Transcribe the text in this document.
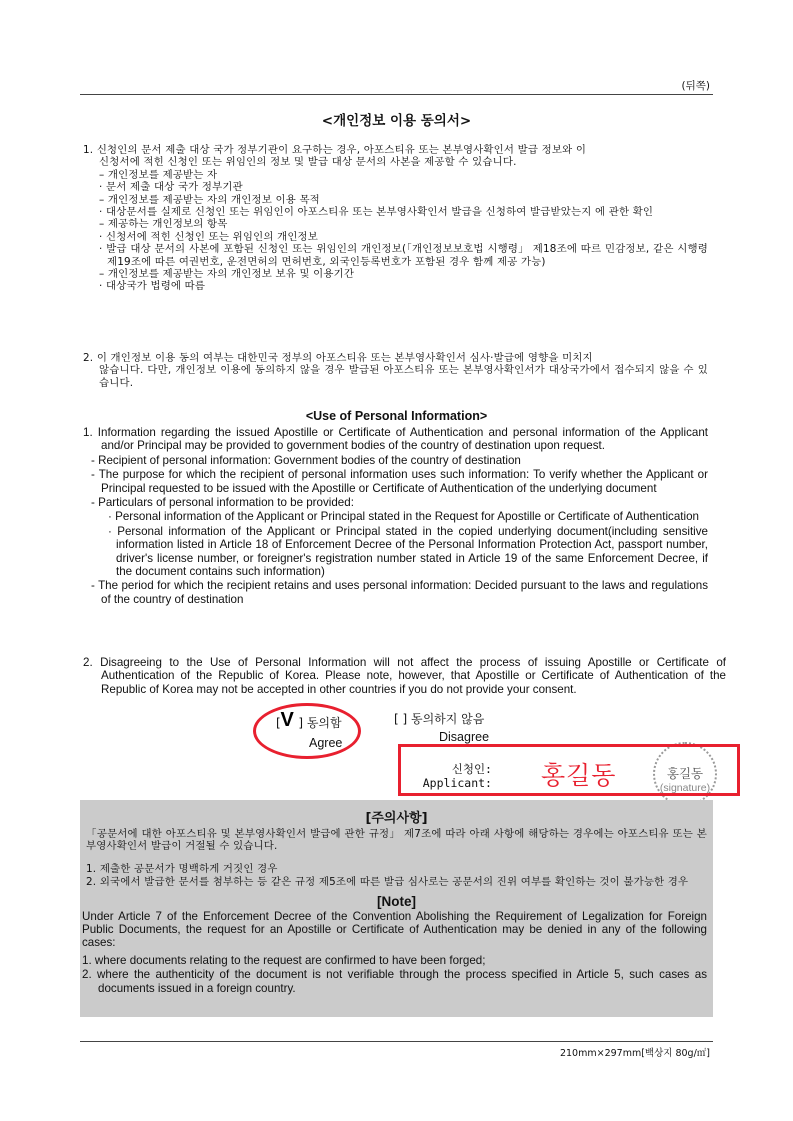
(뒤쪽)
<개인정보 이용 동의서>
1. 신청인의 문서 제출 대상 국가 정부기관이 요구하는 경우, 아포스티유 또는 본부영사확인서 발급 정보와 이
신청서에 적힌 신청인 또는 위임인의 정보 및 발급 대상 문서의 사본을 제공할 수 있습니다.
– 개인정보를 제공받는 자
· 문서 제출 대상 국가 정부기관
– 개인정보를 제공받는 자의 개인정보 이용 목적
· 대상문서를 실제로 신청인 또는 위임인이 아포스티유 또는 본부영사확인서 발급을 신청하여 발급받았는지 에 관한 확인
– 제공하는 개인정보의 항목
· 신청서에 적힌 신청인 또는 위임인의 개인정보
· 발급 대상 문서의 사본에 포함된 신청인 또는 위임인의 개인정보(「개인정보보호법 시행령」 제18조에 따르 민감정보, 같은 시행령 제19조에 따른 여권번호, 운전면허의 면허번호, 외국인등록번호가 포함된 경우 함께 제공 가능)
– 개인정보를 제공받는 자의 개인정보 보유 및 이용기간
· 대상국가 법령에 따름
2. 이 개인정보 이용 동의 여부는 대한민국 정부의 아포스티유 또는 본부영사확인서 심사·발급에 영향을 미치지
않습니다. 다만, 개인정보 이용에 동의하지 않을 경우 발급된 아포스티유 또는 본부영사확인서가 대상국가에서 접수되지 않을 수 있습니다.
<Use of Personal Information>
1. Information regarding the issued Apostille or Certificate of Authentication and personal information of the Applicant and/or Principal may be provided to government bodies of the country of destination upon request.
- Recipient of personal information: Government bodies of the country of destination
- The purpose for which the recipient of personal information uses such information: To verify whether the Applicant or Principal requested to be issued with the Apostille or Certificate of Authentication of the underlying document
- Particulars of personal information to be provided:
· Personal information of the Applicant or Principal stated in the Request for Apostille or Certificate of Authentication
· Personal information of the Applicant or Principal stated in the copied underlying document(including sensitive information listed in Article 18 of Enforcement Decree of the Personal Information Protection Act, passport number, driver's license number, or foreigner's registration number stated in Article 19 of the same Enforcement Decree, if the document contains such information)
- The period for which the recipient retains and uses personal information: Decided pursuant to the laws and regulations of the country of destination
2. Disagreeing to the Use of Personal Information will not affect the process of issuing Apostille or Certificate of Authentication of the Republic of Korea. Please note, however, that Apostille or Certificate of Authentication of the Republic of Korea may not be accepted in other countries if you do not provide your consent.
[ V ] 동의함
Agree
[ ] 동의하지 않음
Disagree
신청인:
Applicant: 홍길동	홍길동
(signature)
[주의사항]
「공문서에 대한 아포스티유 및 본부영사확인서 발급에 관한 규정」 제7조에 따라 아래 사항에 해당하는 경우에는 아포스티유 또는 본부영사확인서 발급이 거절될 수 있습니다.
1. 제출한 공문서가 명백하게 거짓인 경우
2. 외국에서 발급한 문서를 첨부하는 등 같은 규정 제5조에 따른 발급 심사로는 공문서의 진위 여부를 확인하는 것이 불가능한 경우
[Note]
Under Article 7 of the Enforcement Decree of the Convention Abolishing the Requirement of Legalization for Foreign Public Documents, the request for an Apostille or Certificate of Authentication may be denied in any of the following cases:
1. where documents relating to the request are confirmed to have been forged;
2. where the authenticity of the document is not verifiable through the process specified in Article 5, such cases as documents issued in a foreign country.
210mm×297mm[백상지 80g/㎡]
